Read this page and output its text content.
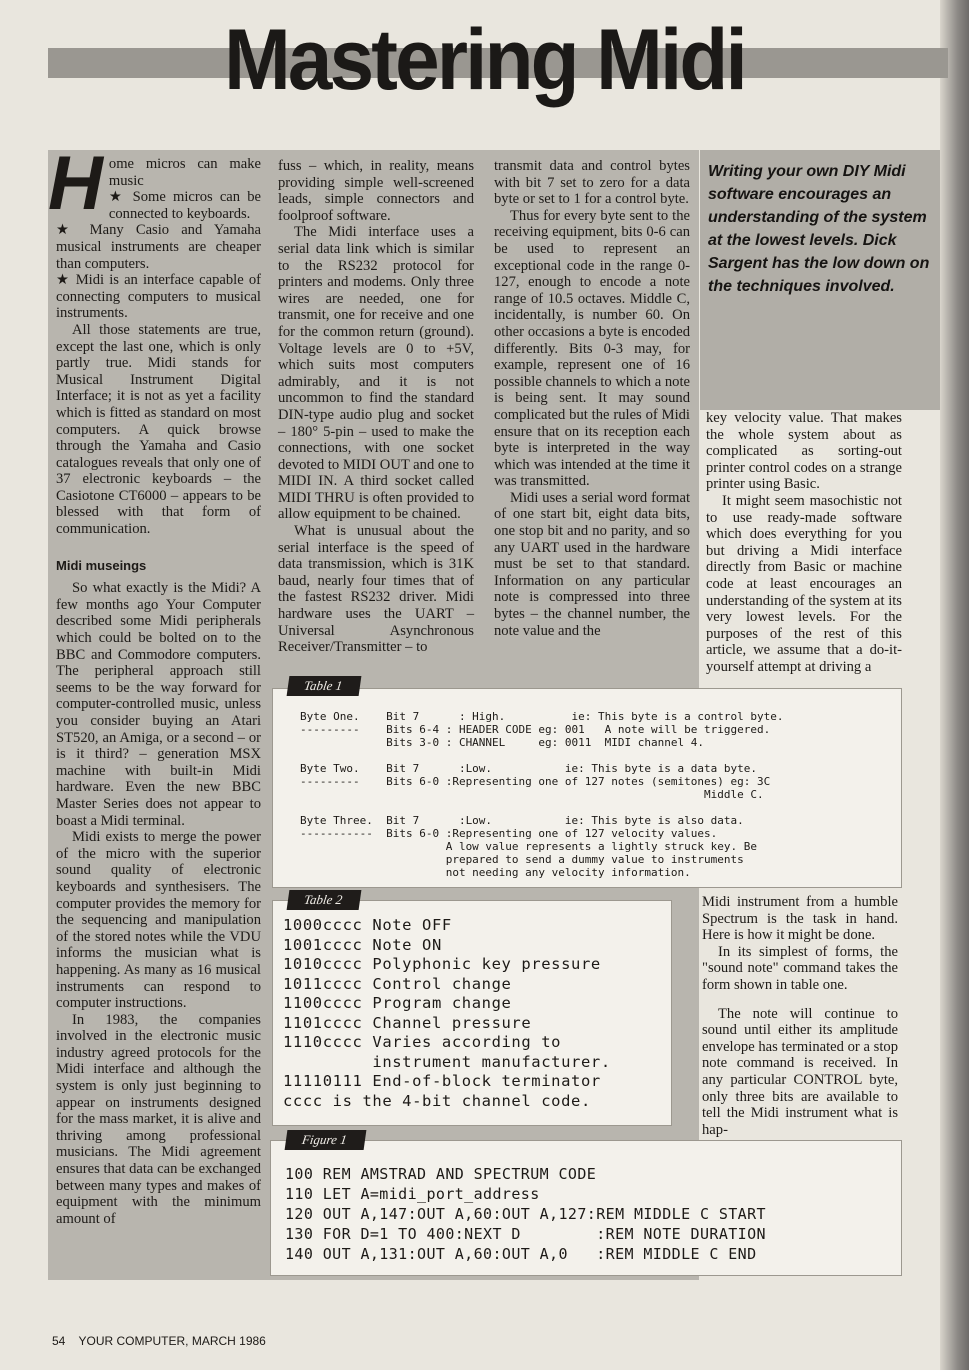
Mastering Midi
Writing your own DIY Midi software encourages an understanding of the system at the lowest levels. Dick Sargent has the low down on the techniques involved.
H ome micros can make music

★ Some micros can be connected to keyboards.

★ Many Casio and Yamaha musical instruments are cheaper than computers.

★ Midi is an interface capable of connecting computers to musical instruments.

All those statements are true, except the last one, which is only partly true. Midi stands for Musical Instrument Digital Interface; it is not as yet a facility which is fitted as standard on most computers. A quick browse through the Yamaha and Casio catalogues reveals that only one of 37 electronic keyboards – the Casiotone CT6000 – appears to be blessed with that form of communication.

Midi museings

So what exactly is the Midi? A few months ago Your Computer described some Midi peripherals which could be bolted on to the BBC and Commodore computers. The peripheral approach still seems to be the way forward for computer-controlled music, unless you consider buying an Atari ST520, an Amiga, or a second – or is it third? – generation MSX machine with built-in Midi hardware. Even the new BBC Master Series does not appear to boast a Midi terminal.

Midi exists to merge the power of the micro with the superior sound quality of electronic keyboards and synthesisers. The computer provides the memory for the sequencing and manipulation of the stored notes while the VDU informs the musician what is happening. As many as 16 musical instruments can respond to computer instructions.

In 1983, the companies involved in the electronic music industry agreed protocols for the Midi interface and although the system is only just beginning to appear on instruments designed for the mass market, it is alive and thriving among professional musicians. The Midi agreement ensures that data can be exchanged between many types and makes of equipment with the minimum amount of

fuss – which, in reality, means providing simple well-screened leads, simple connectors and foolproof software.

The Midi interface uses a serial data link which is similar to the RS232 protocol for printers and modems. Only three wires are needed, one for transmit, one for receive and one for the common return (ground). Voltage levels are 0 to +5V, which suits most computers admirably, and it is not uncommon to find the standard DIN-type audio plug and socket – 180° 5-pin – used to make the connections, with one socket devoted to MIDI OUT and one to MIDI IN. A third socket called MIDI THRU is often provided to allow equipment to be chained.

What is unusual about the serial interface is the speed of data transmission, which is 31K baud, nearly four times that of the fastest RS232 driver. Midi hardware uses the UART – Universal Asynchronous Receiver/Transmitter – to

transmit data and control bytes with bit 7 set to zero for a data byte or set to 1 for a control byte.

Thus for every byte sent to the receiving equipment, bits 0-6 can be used to represent an exceptional code in the range 0-127, enough to encode a note range of 10.5 octaves. Middle C, incidentally, is number 60. On other occasions a byte is encoded differently. Bits 0-3 may, for example, represent one of 16 possible channels to which a note is being sent. It may sound complicated but the rules of Midi ensure that on its reception each byte is interpreted in the way which was intended at the time it was transmitted.

Midi uses a serial word format of one start bit, eight data bits, one stop bit and no parity, and so any UART used in the hardware must be set to that standard. Information on any particular note is compressed into three bytes – the channel number, the note value and the

key velocity value. That makes the whole system about as complicated as sorting-out printer control codes on a strange printer using Basic.

It might seem masochistic not to use ready-made software which does everything for you but driving a Midi interface directly from Basic or machine code at least encourages an understanding of the system at its very lowest levels. For the purposes of the rest of this article, we assume that a do-it-yourself attempt at driving a

Table 1
Byte One.    Bit 7      : High.          ie: This byte is a control byte.
---------    Bits 6-4 : HEADER CODE eg: 001   A note will be triggered.
Bits 3-0 : CHANNEL     eg: 0011  MIDI channel 4.
Byte Two.    Bit 7      :Low.           ie: This byte is a data byte.
---------    Bits 6-0 :Representing one of 127 notes (semitones) eg: 3C
Middle C.
Byte Three.  Bit 7      :Low.           ie: This byte is also data.
-----------  Bits 6-0 :Representing one of 127 velocity values.
A low value represents a lightly struck key. Be
prepared to send a dummy value to instruments
not needing any velocity information.
Table 2
1000cccc Note OFF
1001cccc Note ON
1010cccc Polyphonic key pressure
1011cccc Control change
1100cccc Program change
1101cccc Channel pressure
1110cccc Varies according to
instrument manufacturer.
11110111 End-of-block terminator
cccc is the 4-bit channel code.

Midi instrument from a humble Spectrum is the task in hand. Here is how it might be done.

In its simplest of forms, the "sound note" command takes the form shown in table one.

The note will continue to sound until either its amplitude envelope has terminated or a stop note command is received. In any particular CONTROL byte, only three bits are available to tell the Midi instrument what is hap-

Figure 1
100 REM AMSTRAD AND SPECTRUM CODE
110 LET A=midi_port_address
120 OUT A,147:OUT A,60:OUT A,127:REM MIDDLE C START
130 FOR D=1 TO 400:NEXT D        :REM NOTE DURATION
140 OUT A,131:OUT A,60:OUT A,0   :REM MIDDLE C END
54 YOUR COMPUTER, MARCH 1986
